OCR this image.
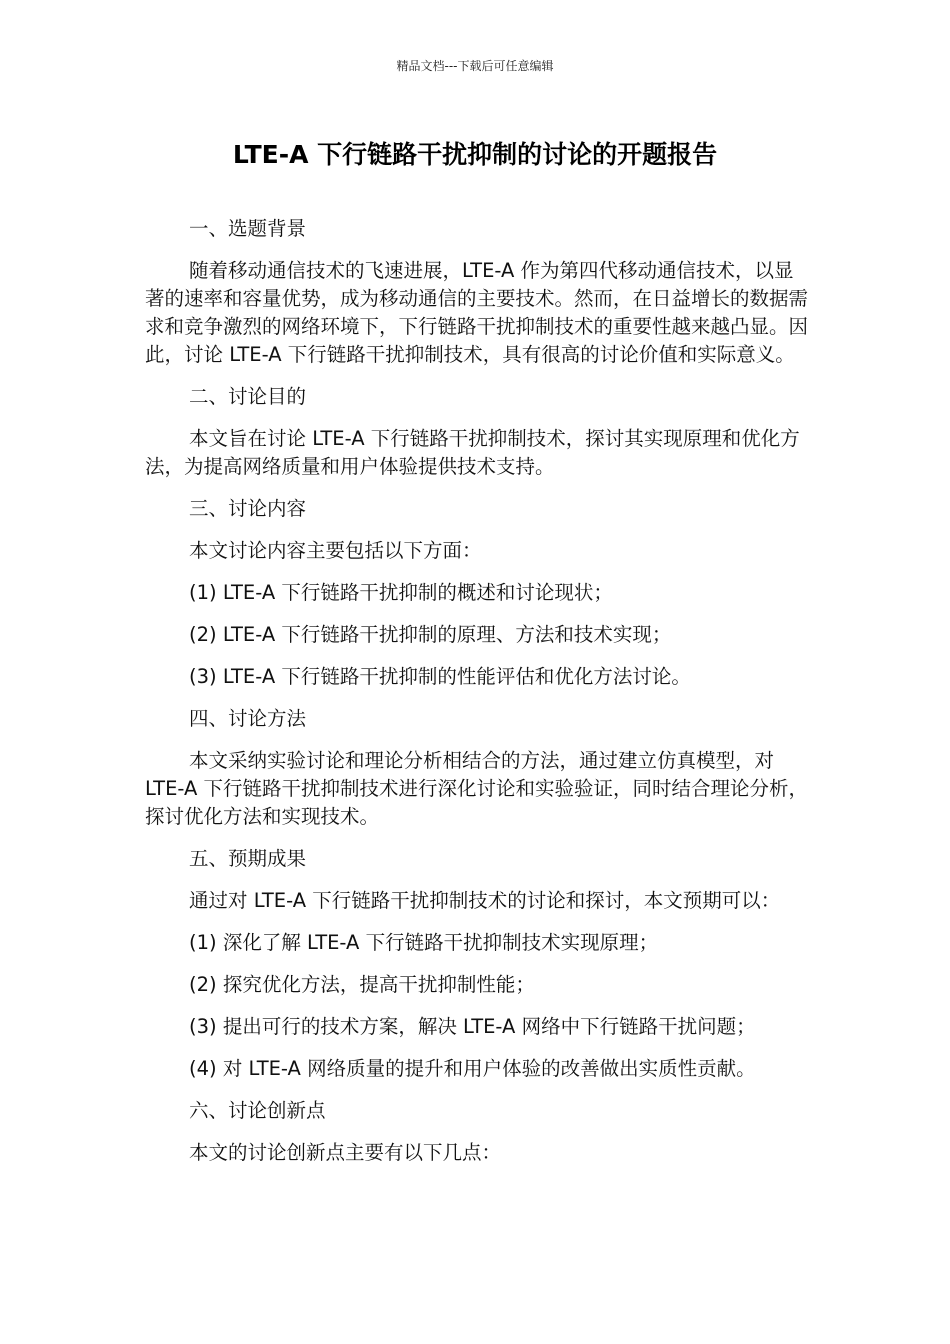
精品文档---下载后可任意编辑
LTE-A 下行链路干扰抑制的讨论的开题报告

一、选题背景

随着移动通信技术的飞速进展，LTE-A 作为第四代移动通信技术，以显著的速率和容量优势，成为移动通信的主要技术。然而，在日益增长的数据需求和竞争激烈的网络环境下，下行链路干扰抑制技术的重要性越来越凸显。因此，讨论 LTE-A 下行链路干扰抑制技术，具有很高的讨论价值和实际意义。

二、讨论目的

本文旨在讨论 LTE-A 下行链路干扰抑制技术，探讨其实现原理和优化方法，为提高网络质量和用户体验提供技术支持。

三、讨论内容

本文讨论内容主要包括以下方面：

(1) LTE-A 下行链路干扰抑制的概述和讨论现状；

(2) LTE-A 下行链路干扰抑制的原理、方法和技术实现；

(3) LTE-A 下行链路干扰抑制的性能评估和优化方法讨论。

四、讨论方法

本文采纳实验讨论和理论分析相结合的方法，通过建立仿真模型，对 LTE-A 下行链路干扰抑制技术进行深化讨论和实验验证，同时结合理论分析，探讨优化方法和实现技术。

五、预期成果

通过对 LTE-A 下行链路干扰抑制技术的讨论和探讨，本文预期可以：

(1) 深化了解 LTE-A 下行链路干扰抑制技术实现原理；

(2) 探究优化方法，提高干扰抑制性能；

(3) 提出可行的技术方案，解决 LTE-A 网络中下行链路干扰问题；

(4) 对 LTE-A 网络质量的提升和用户体验的改善做出实质性贡献。

六、讨论创新点

本文的讨论创新点主要有以下几点：
